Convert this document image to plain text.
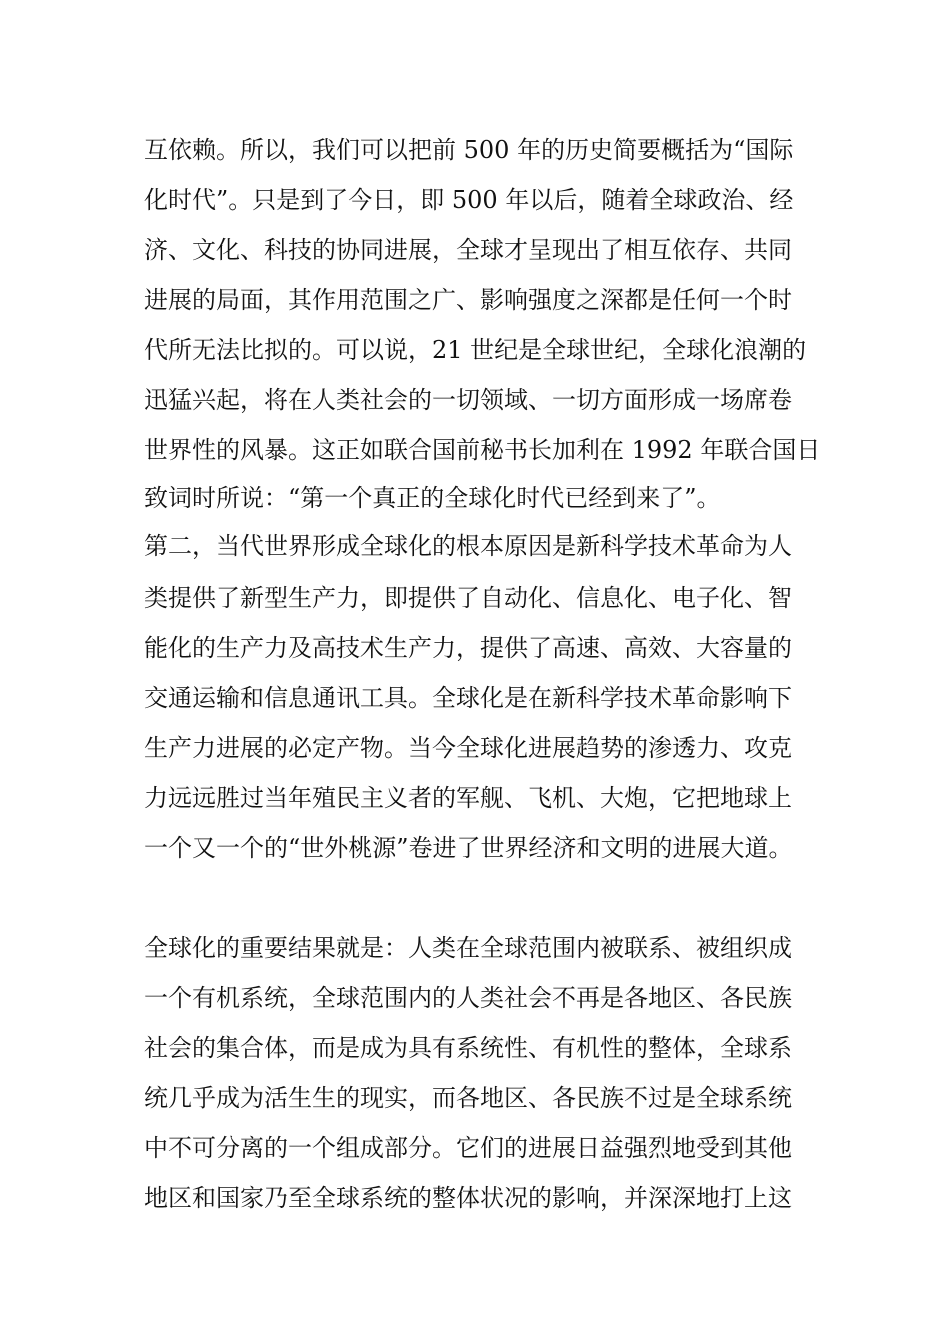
互依赖。所以，我们可以把前 500 年的历史简要概括为“国际
化时代”。只是到了今日，即 500 年以后，随着全球政治、经
济、文化、科技的协同进展，全球才呈现出了相互依存、共同
进展的局面，其作用范围之广、影响强度之深都是任何一个时
代所无法比拟的。可以说，21 世纪是全球世纪，全球化浪潮的
迅猛兴起，将在人类社会的一切领域、一切方面形成一场席卷
世界性的风暴。这正如联合国前秘书长加利在 1992 年联合国日
致词时所说：“第一个真正的全球化时代已经到来了”。
第二，当代世界形成全球化的根本原因是新科学技术革命为人
类提供了新型生产力，即提供了自动化、信息化、电子化、智
能化的生产力及高技术生产力，提供了高速、高效、大容量的
交通运输和信息通讯工具。全球化是在新科学技术革命影响下
生产力进展的必定产物。当今全球化进展趋势的渗透力、攻克
力远远胜过当年殖民主义者的军舰、飞机、大炮，它把地球上
一个又一个的“世外桃源”卷进了世界经济和文明的进展大道。
全球化的重要结果就是：人类在全球范围内被联系、被组织成
一个有机系统，全球范围内的人类社会不再是各地区、各民族
社会的集合体，而是成为具有系统性、有机性的整体，全球系
统几乎成为活生生的现实，而各地区、各民族不过是全球系统
中不可分离的一个组成部分。它们的进展日益强烈地受到其他
地区和国家乃至全球系统的整体状况的影响，并深深地打上这
